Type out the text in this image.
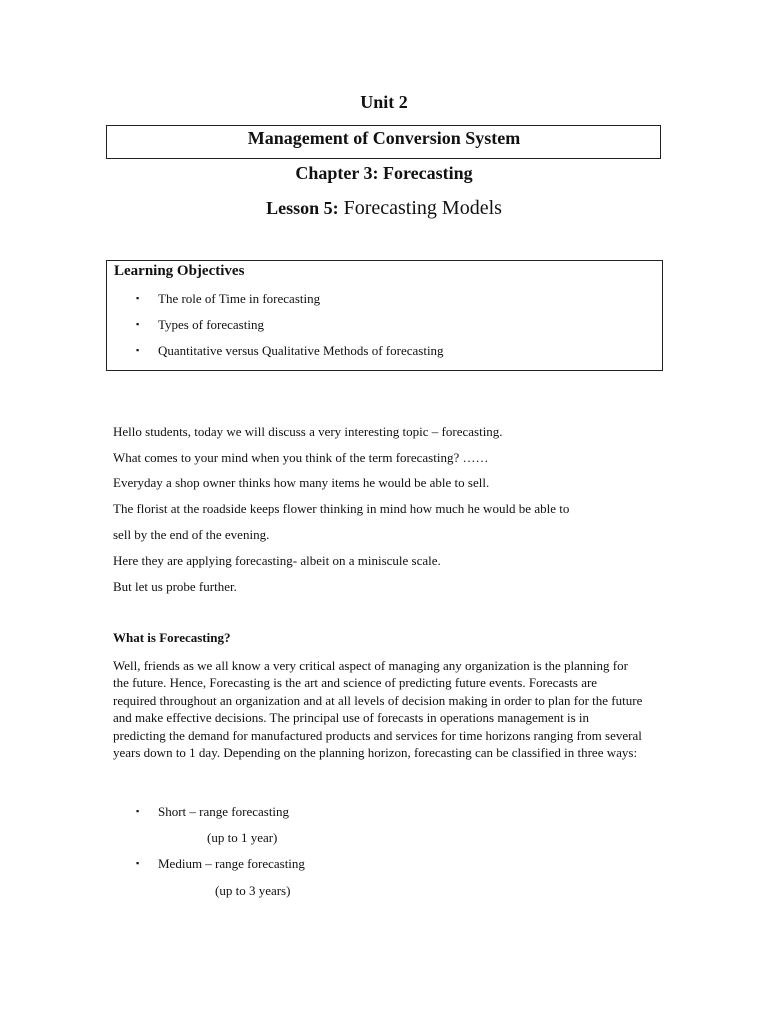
Unit 2
Management of Conversion System
Chapter 3: Forecasting
Lesson 5: Forecasting Models
Learning Objectives
▪ The role of Time in forecasting
▪ Types of forecasting
▪ Quantitative versus Qualitative Methods of forecasting
Hello students, today we will discuss a very interesting topic – forecasting.
What comes to your mind when you think of the term forecasting? ……
Everyday a shop owner thinks how many items he would be able to sell.
The florist at the roadside keeps flower thinking in mind how much he would be able to
sell by the end of the evening.
Here they are applying forecasting- albeit on a miniscule scale.
But let us probe further.
What is Forecasting?
Well, friends as we all know a very critical aspect of managing any organization is the planning for the future. Hence, Forecasting is the art and science of predicting future events. Forecasts are required throughout an organization and at all levels of decision making in order to plan for the future and make effective decisions. The principal use of forecasts in operations management is in predicting the demand for manufactured products and services for time horizons ranging from several years down to 1 day. Depending on the planning horizon, forecasting can be classified in three ways:
▪ Short – range forecasting
(up to 1 year)
▪ Medium – range forecasting
(up to 3 years)
